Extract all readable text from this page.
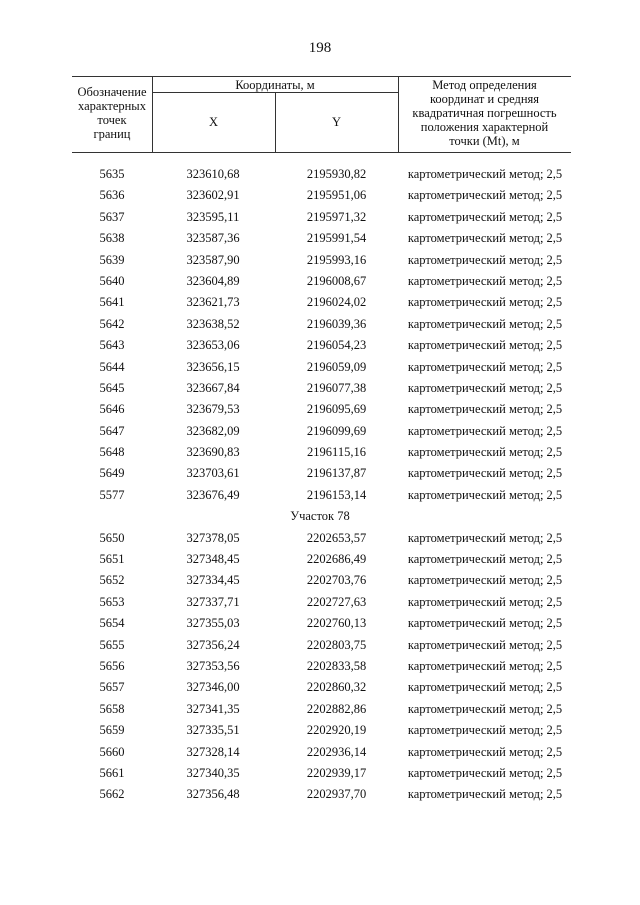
198
Обозначение
характерных
точек
границ
Координаты, м
X	Y
Метод определения
координат и средняя
квадратичная погрешность
положения характерной
точки (Mt), м
5635	323610,68	2195930,82	картометрический метод; 2,5
5636	323602,91	2195951,06	картометрический метод; 2,5
5637	323595,11	2195971,32	картометрический метод; 2,5
5638	323587,36	2195991,54	картометрический метод; 2,5
5639	323587,90	2195993,16	картометрический метод; 2,5
5640	323604,89	2196008,67	картометрический метод; 2,5
5641	323621,73	2196024,02	картометрический метод; 2,5
5642	323638,52	2196039,36	картометрический метод; 2,5
5643	323653,06	2196054,23	картометрический метод; 2,5
5644	323656,15	2196059,09	картометрический метод; 2,5
5645	323667,84	2196077,38	картометрический метод; 2,5
5646	323679,53	2196095,69	картометрический метод; 2,5
5647	323682,09	2196099,69	картометрический метод; 2,5
5648	323690,83	2196115,16	картометрический метод; 2,5
5649	323703,61	2196137,87	картометрический метод; 2,5
5577	323676,49	2196153,14	картометрический метод; 2,5
Участок 78
5650	327378,05	2202653,57	картометрический метод; 2,5
5651	327348,45	2202686,49	картометрический метод; 2,5
5652	327334,45	2202703,76	картометрический метод; 2,5
5653	327337,71	2202727,63	картометрический метод; 2,5
5654	327355,03	2202760,13	картометрический метод; 2,5
5655	327356,24	2202803,75	картометрический метод; 2,5
5656	327353,56	2202833,58	картометрический метод; 2,5
5657	327346,00	2202860,32	картометрический метод; 2,5
5658	327341,35	2202882,86	картометрический метод; 2,5
5659	327335,51	2202920,19	картометрический метод; 2,5
5660	327328,14	2202936,14	картометрический метод; 2,5
5661	327340,35	2202939,17	картометрический метод; 2,5
5662	327356,48	2202937,70	картометрический метод; 2,5
